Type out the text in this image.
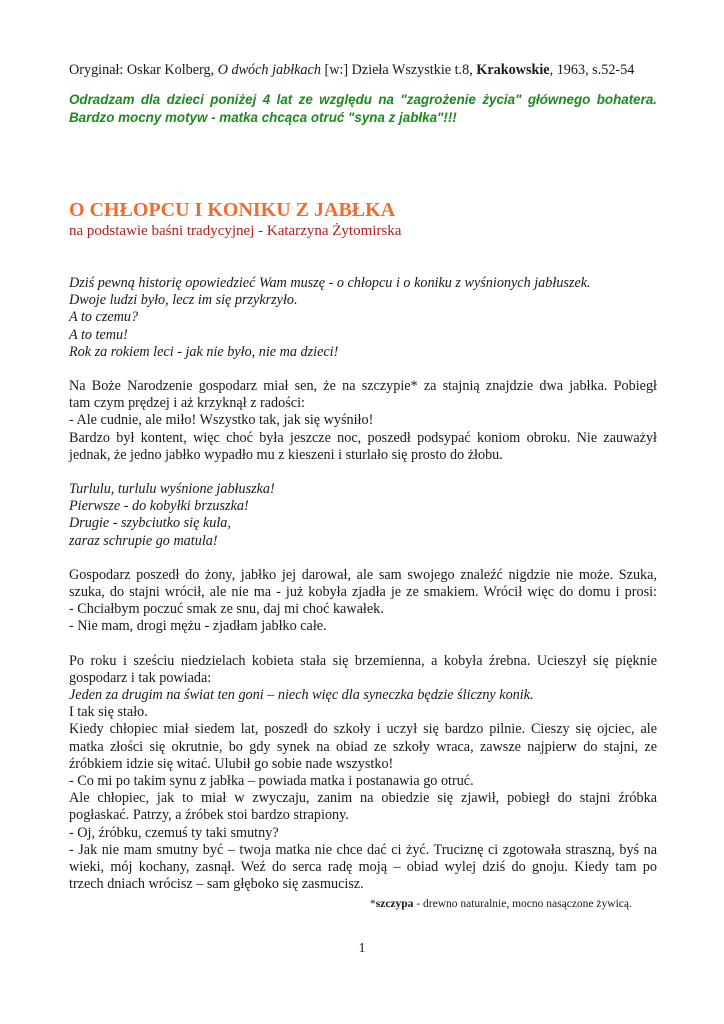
Oryginał: Oskar Kolberg, O dwóch jabłkach [w:] Dzieła Wszystkie t.8, Krakowskie, 1963, s.52-54

Odradzam dla dzieci poniżej 4 lat ze względu na "zagrożenie życia" głównego bohatera. Bardzo mocny motyw - matka chcąca otruć "syna z jabłka"!!!

O CHŁOPCU I KONIKU Z JABŁKA
na podstawie baśni tradycyjnej - Katarzyna Żytomirska

Dziś pewną historię opowiedzieć Wam muszę - o chłopcu i o koniku z wyśnionych jabłuszek.
Dwoje ludzi było, lecz im się przykrzyło.
A to czemu?
A to temu!
Rok za rokiem leci - jak nie było, nie ma dzieci!

Na Boże Narodzenie gospodarz miał sen, że na szczypie* za stajnią znajdzie dwa jabłka. Pobiegł
tam czym prędzej i aż krzyknął z radości:
- Ale cudnie, ale miło! Wszystko tak, jak się wyśniło!
Bardzo był kontent, więc choć była jeszcze noc, poszedł podsypać koniom obroku. Nie zauważył
jednak, że jedno jabłko wypadło mu z kieszeni i sturlało się prosto do żłobu.

Turlulu, turlulu wyśnione jabłuszka!
Pierwsze - do kobyłki brzuszka!
Drugie - szybciutko się kula,
zaraz schrupie go matula!

Gospodarz poszedł do żony, jabłko jej darował, ale sam swojego znaleźć nigdzie nie może. Szuka,
szuka, do stajni wrócił, ale nie ma - już kobyła zjadła je ze smakiem. Wrócił więc do domu i prosi:
- Chciałbym poczuć smak ze snu, daj mi choć kawałek.
- Nie mam, drogi mężu - zjadłam jabłko całe.

Po roku i sześciu niedzielach kobieta stała się brzemienna, a kobyła źrebna. Ucieszył się pięknie
gospodarz i tak powiada:
Jeden za drugim na świat ten goni – niech więc dla syneczka będzie śliczny konik.
I tak się stało.
Kiedy chłopiec miał siedem lat, poszedł do szkoły i uczył się bardzo pilnie. Cieszy się ojciec, ale
matka złości się okrutnie, bo gdy synek na obiad ze szkoły wraca, zawsze najpierw do stajni, ze
źróbkiem idzie się witać. Ulubił go sobie nade wszystko!
- Co mi po takim synu z jabłka – powiada matka i postanawia go otruć.
Ale chłopiec, jak to miał w zwyczaju, zanim na obiedzie się zjawił, pobiegł do stajni źróbka
pogłaskać. Patrzy, a źróbek stoi bardzo strapiony.
- Oj, źróbku, czemuś ty taki smutny?
- Jak nie mam smutny być – twoja matka nie chce dać ci żyć. Truciznę ci zgotowała straszną, byś na
wieki, mój kochany, zasnął. Weź do serca radę moją – obiad wylej dziś do gnoju. Kiedy tam po
trzech dniach wrócisz – sam głęboko się zasmucisz.

*szczypa - drewno naturalnie, mocno nasączone żywicą.
1
